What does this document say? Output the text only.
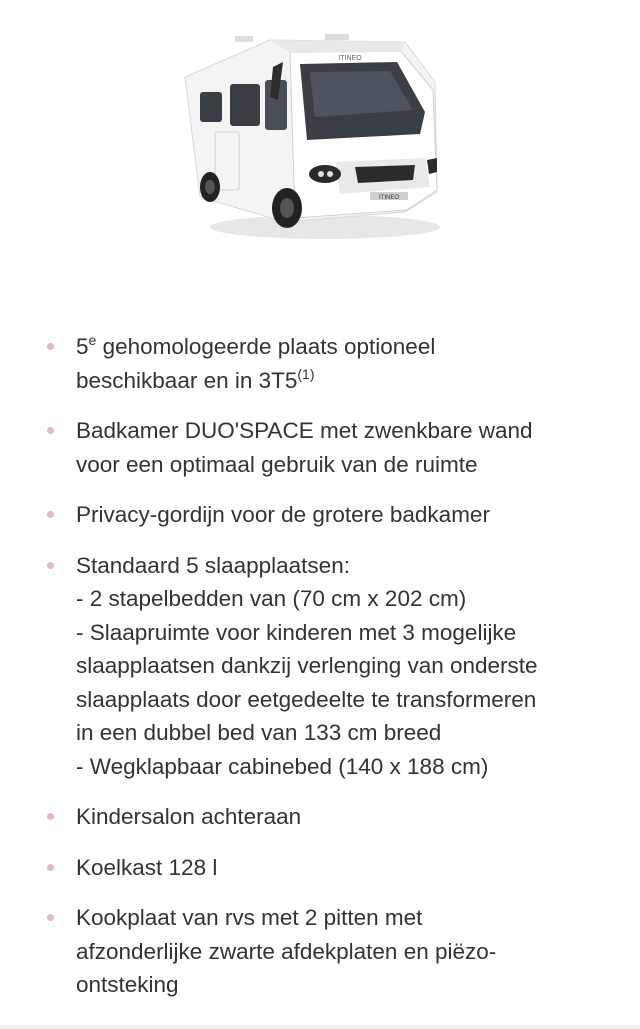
ITINEO
ITINEO
5e gehomologeerde plaats optioneel
beschikbaar en in 3T5$^{(1)}$
Badkamer DUO'SPACE met zwenkbare wand
voor een optimaal gebruik van de ruimte
Privacy-gordijn voor de grotere badkamer
Standaard 5 slaapplaatsen:
- 2 stapelbedden van (70 cm x 202 cm)
- Slaapruimte voor kinderen met 3 mogelijke
slaapplaatsen dankzij verlenging van onderste
slaapplaats door eetgedeelte te transformeren
in een dubbel bed van 133 cm breed
- Wegklapbaar cabinebed (140 x 188 cm)
Kindersalon achteraan
Koelkast 128 l
Kookplaat van rvs met 2 pitten met
afzonderlijke zwarte afdekplaten en piëzo-
ontsteking
